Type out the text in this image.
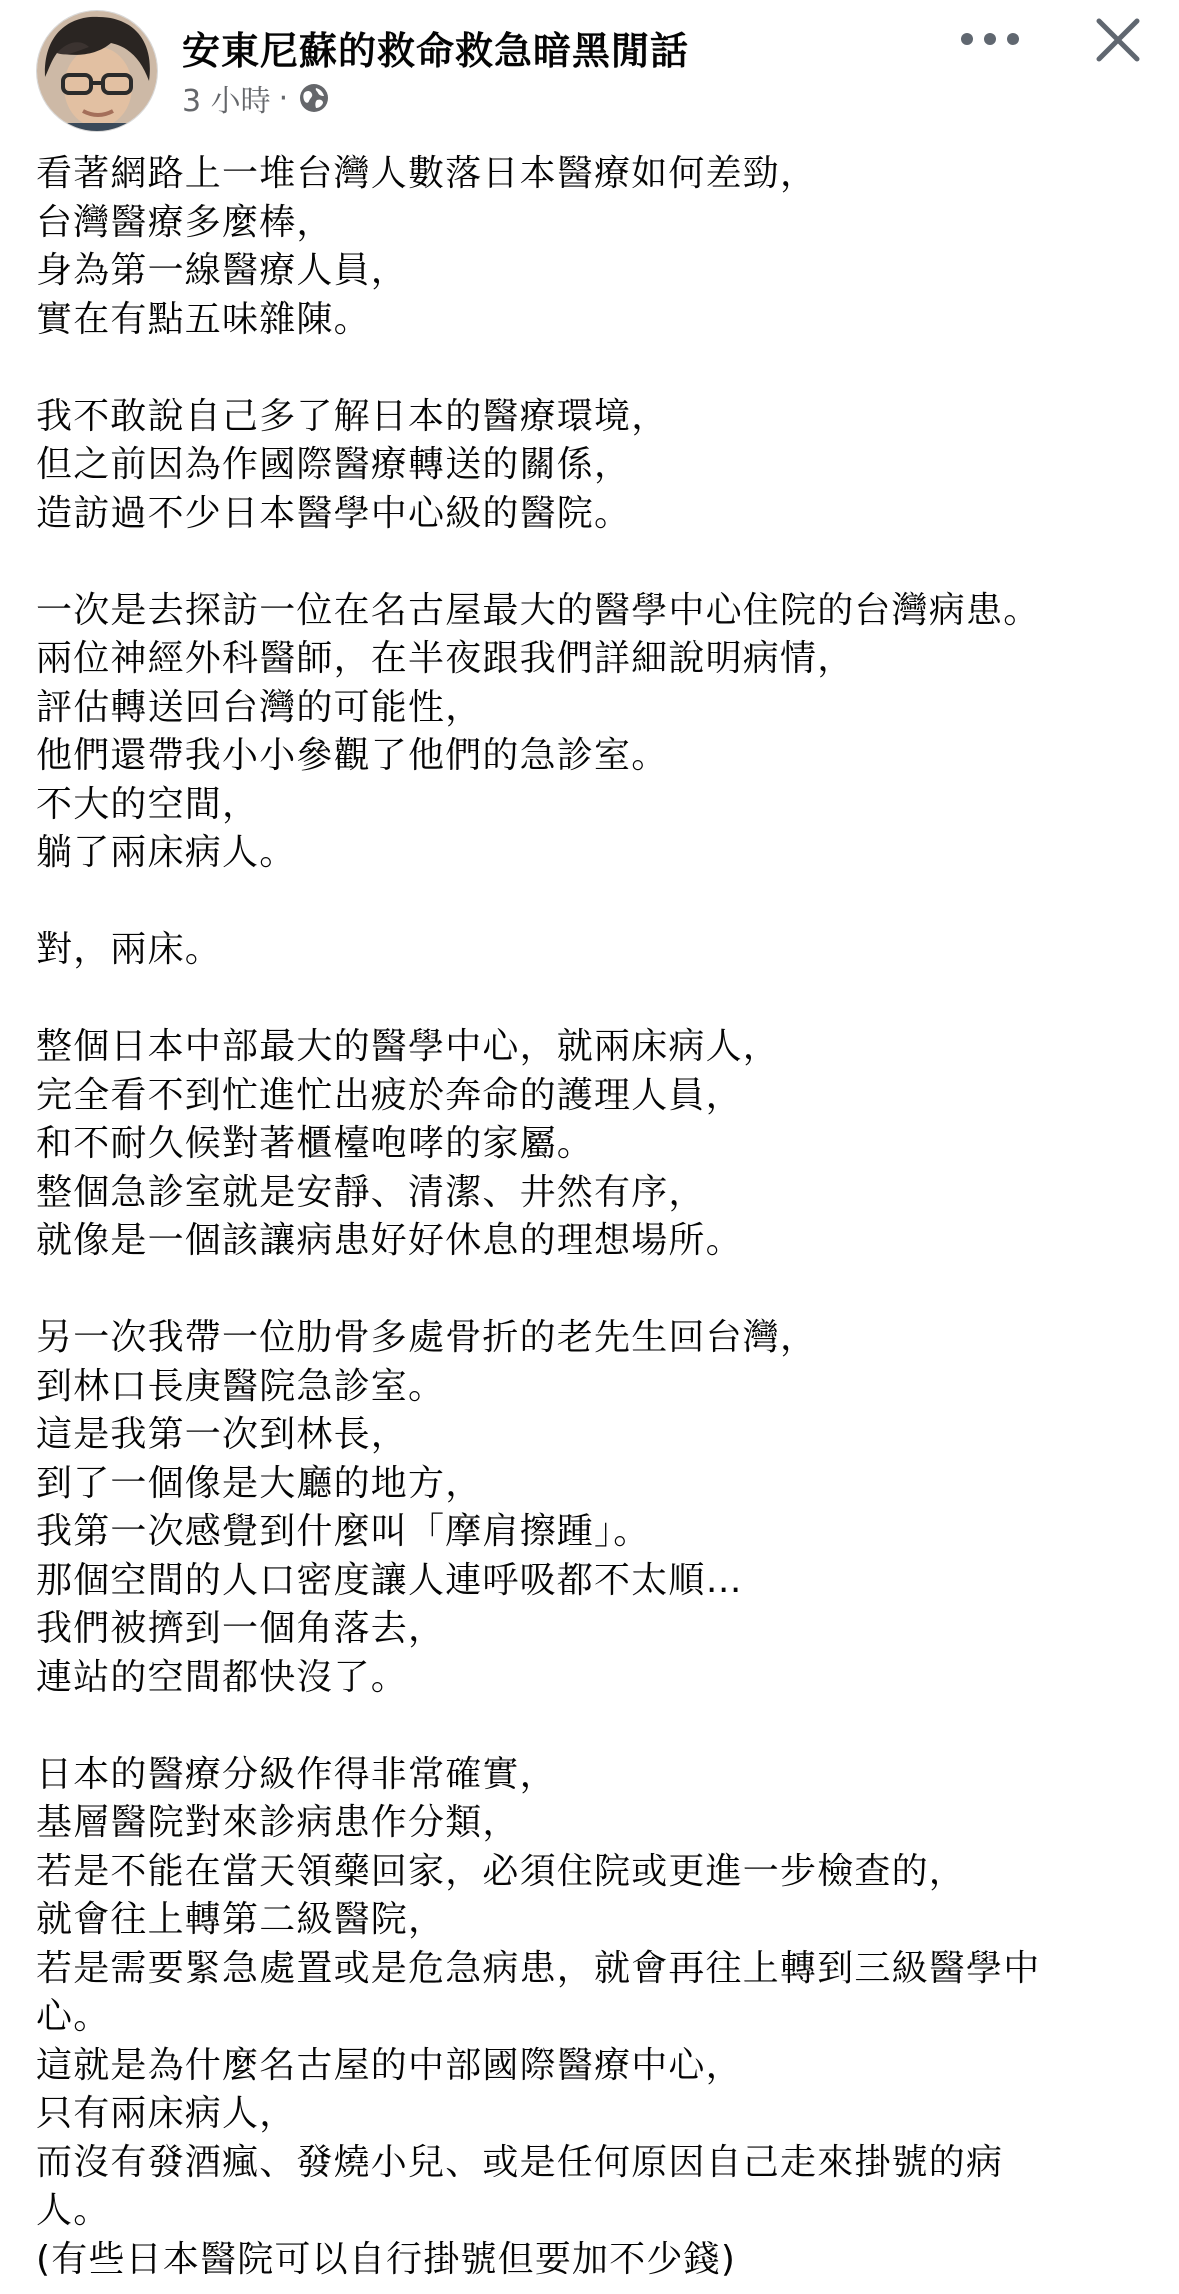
安東尼蘇的救命救急暗黑閒話
3 小時 ·
看著網路上一堆台灣人數落日本醫療如何差勁，
台灣醫療多麼棒，
身為第一線醫療人員，
實在有點五味雜陳。
我不敢說自己多了解日本的醫療環境，
但之前因為作國際醫療轉送的關係，
造訪過不少日本醫學中心級的醫院。
一次是去探訪一位在名古屋最大的醫學中心住院的台灣病患。
兩位神經外科醫師，在半夜跟我們詳細說明病情，
評估轉送回台灣的可能性，
他們還帶我小小參觀了他們的急診室。
不大的空間，
躺了兩床病人。
對，兩床。
整個日本中部最大的醫學中心，就兩床病人，
完全看不到忙進忙出疲於奔命的護理人員，
和不耐久候對著櫃檯咆哮的家屬。
整個急診室就是安靜、清潔、井然有序，
就像是一個該讓病患好好休息的理想場所。
另一次我帶一位肋骨多處骨折的老先生回台灣，
到林口長庚醫院急診室。
這是我第一次到林長，
到了一個像是大廳的地方，
我第一次感覺到什麼叫「摩肩擦踵」。
那個空間的人口密度讓人連呼吸都不太順…
我們被擠到一個角落去，
連站的空間都快沒了。
日本的醫療分級作得非常確實，
基層醫院對來診病患作分類，
若是不能在當天領藥回家，必須住院或更進一步檢查的，
就會往上轉第二級醫院，
若是需要緊急處置或是危急病患，就會再往上轉到三級醫學中
心。
這就是為什麼名古屋的中部國際醫療中心，
只有兩床病人，
而沒有發酒瘋、發燒小兒、或是任何原因自己走來掛號的病
人。
(有些日本醫院可以自行掛號但要加不少錢)
